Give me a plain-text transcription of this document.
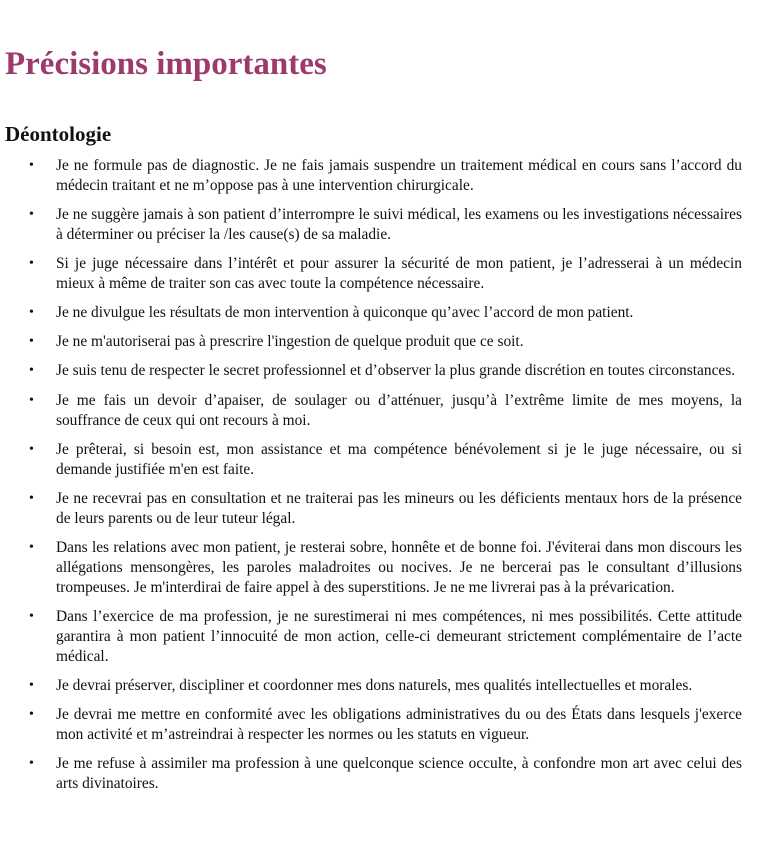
Précisions importantes
Déontologie
• Je ne formule pas de diagnostic. Je ne fais jamais suspendre un traitement médical en cours sans l’accord du médecin traitant et ne m’oppose pas à une intervention chirurgicale.
• Je ne suggère jamais à son patient d’interrompre le suivi médical, les examens ou les investigations nécessaires à déterminer ou préciser la /les cause(s) de sa maladie.
• Si je juge nécessaire dans l’intérêt et pour assurer la sécurité de mon patient, je l’adresserai à un médecin mieux à même de traiter son cas avec toute la compétence nécessaire.
• Je ne divulgue les résultats de mon intervention à quiconque qu’avec l’accord de mon patient.
• Je ne m'autoriserai pas à prescrire l'ingestion de quelque produit que ce soit.
• Je suis tenu de respecter le secret professionnel et d’observer la plus grande discrétion en toutes circonstances.
• Je me fais un devoir d’apaiser, de soulager ou d’atténuer, jusqu’à l’extrême limite de mes moyens, la souffrance de ceux qui ont recours à moi.
• Je prêterai, si besoin est, mon assistance et ma compétence bénévolement si je le juge nécessaire, ou si demande justifiée m'en est faite.
• Je ne recevrai pas en consultation et ne traiterai pas les mineurs ou les déficients mentaux hors de la présence de leurs parents ou de leur tuteur légal.
• Dans les relations avec mon patient, je resterai sobre, honnête et de bonne foi. J'éviterai dans mon discours les allégations mensongères, les paroles maladroites ou nocives. Je ne bercerai pas le consultant d’illusions trompeuses. Je m'interdirai de faire appel à des superstitions. Je ne me livrerai pas à la prévarication.
• Dans l’exercice de ma profession, je ne surestimerai ni mes compétences, ni mes possibilités. Cette attitude garantira à mon patient l’innocuité de mon action, celle-ci demeurant strictement complémentaire de l’acte médical.
• Je devrai préserver, discipliner et coordonner mes dons naturels, mes qualités intellectuelles et morales.
• Je devrai me mettre en conformité avec les obligations administratives du ou des États dans lesquels j'exerce mon activité et m’astreindrai à respecter les normes ou les statuts en vigueur.
• Je me refuse à assimiler ma profession à une quelconque science occulte, à confondre mon art avec celui des arts divinatoires.
